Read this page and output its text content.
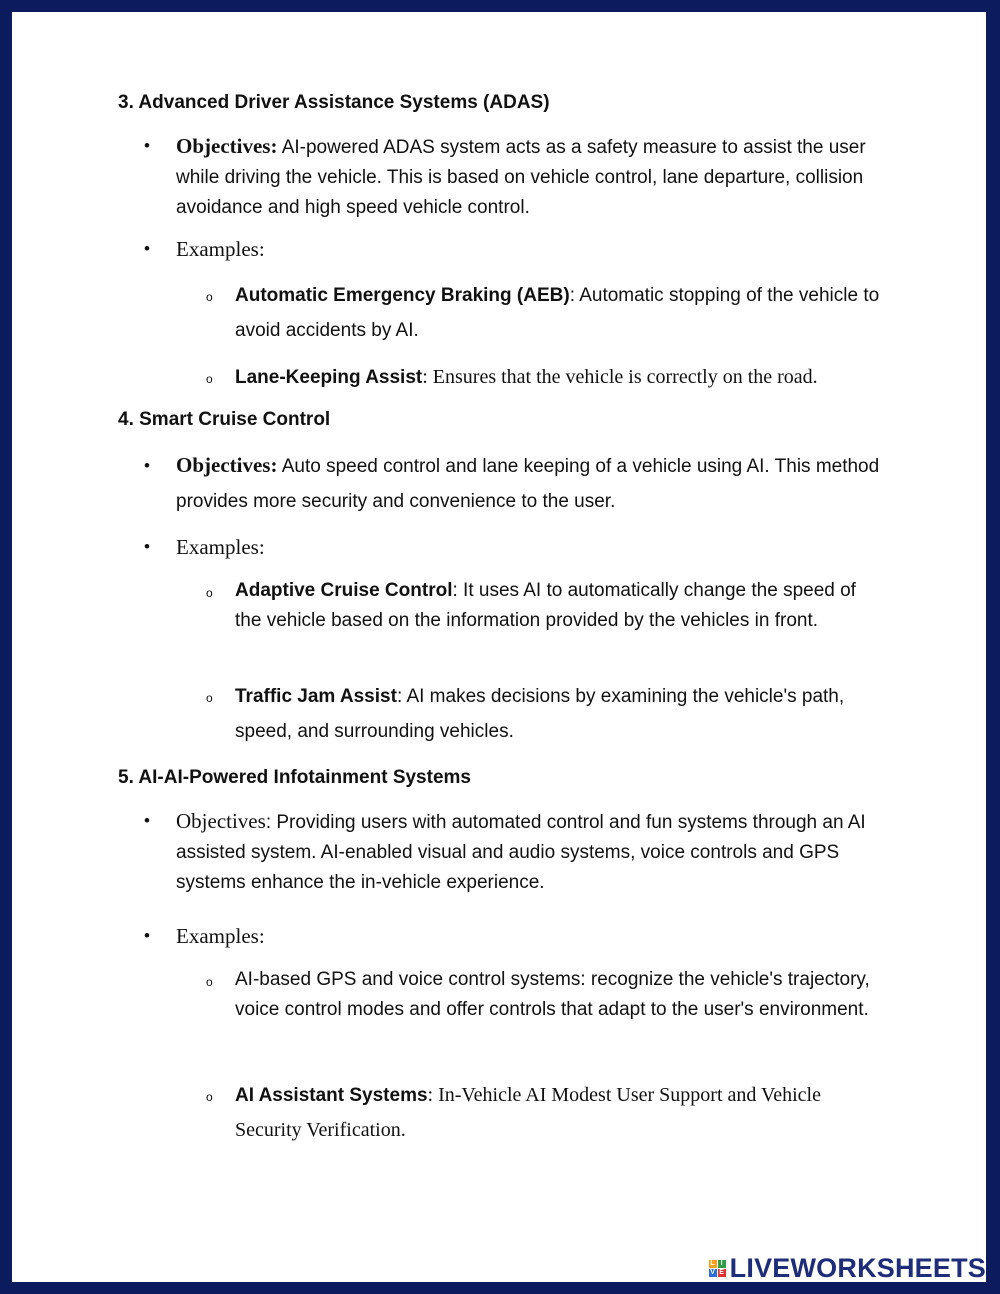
3. Advanced Driver Assistance Systems (ADAS)
• Objectives: AI-powered ADAS system acts as a safety measure to assist the user while driving the vehicle. This is based on vehicle control, lane departure, collision avoidance and high speed vehicle control.
• Examples:
o Automatic Emergency Braking (AEB): Automatic stopping of the vehicle to avoid accidents by AI.
o Lane-Keeping Assist: Ensures that the vehicle is correctly on the road.
4. Smart Cruise Control
• Objectives: Auto speed control and lane keeping of a vehicle using AI. This method provides more security and convenience to the user.
• Examples:
o Adaptive Cruise Control: It uses AI to automatically change the speed of the vehicle based on the information provided by the vehicles in front.
o Traffic Jam Assist: AI makes decisions by examining the vehicle's path, speed, and surrounding vehicles.
5. AI-AI-Powered Infotainment Systems
• Objectives: Providing users with automated control and fun systems through an AI assisted system. AI-enabled visual and audio systems, voice controls and GPS systems enhance the in-vehicle experience.
• Examples:
o AI-based GPS and voice control systems: recognize the vehicle's trajectory, voice control modes and offer controls that adapt to the user's environment.
o AI Assistant Systems: In-Vehicle AI Modest User Support and Vehicle Security Verification.
L I
V E LIVEWORKSHEETS
